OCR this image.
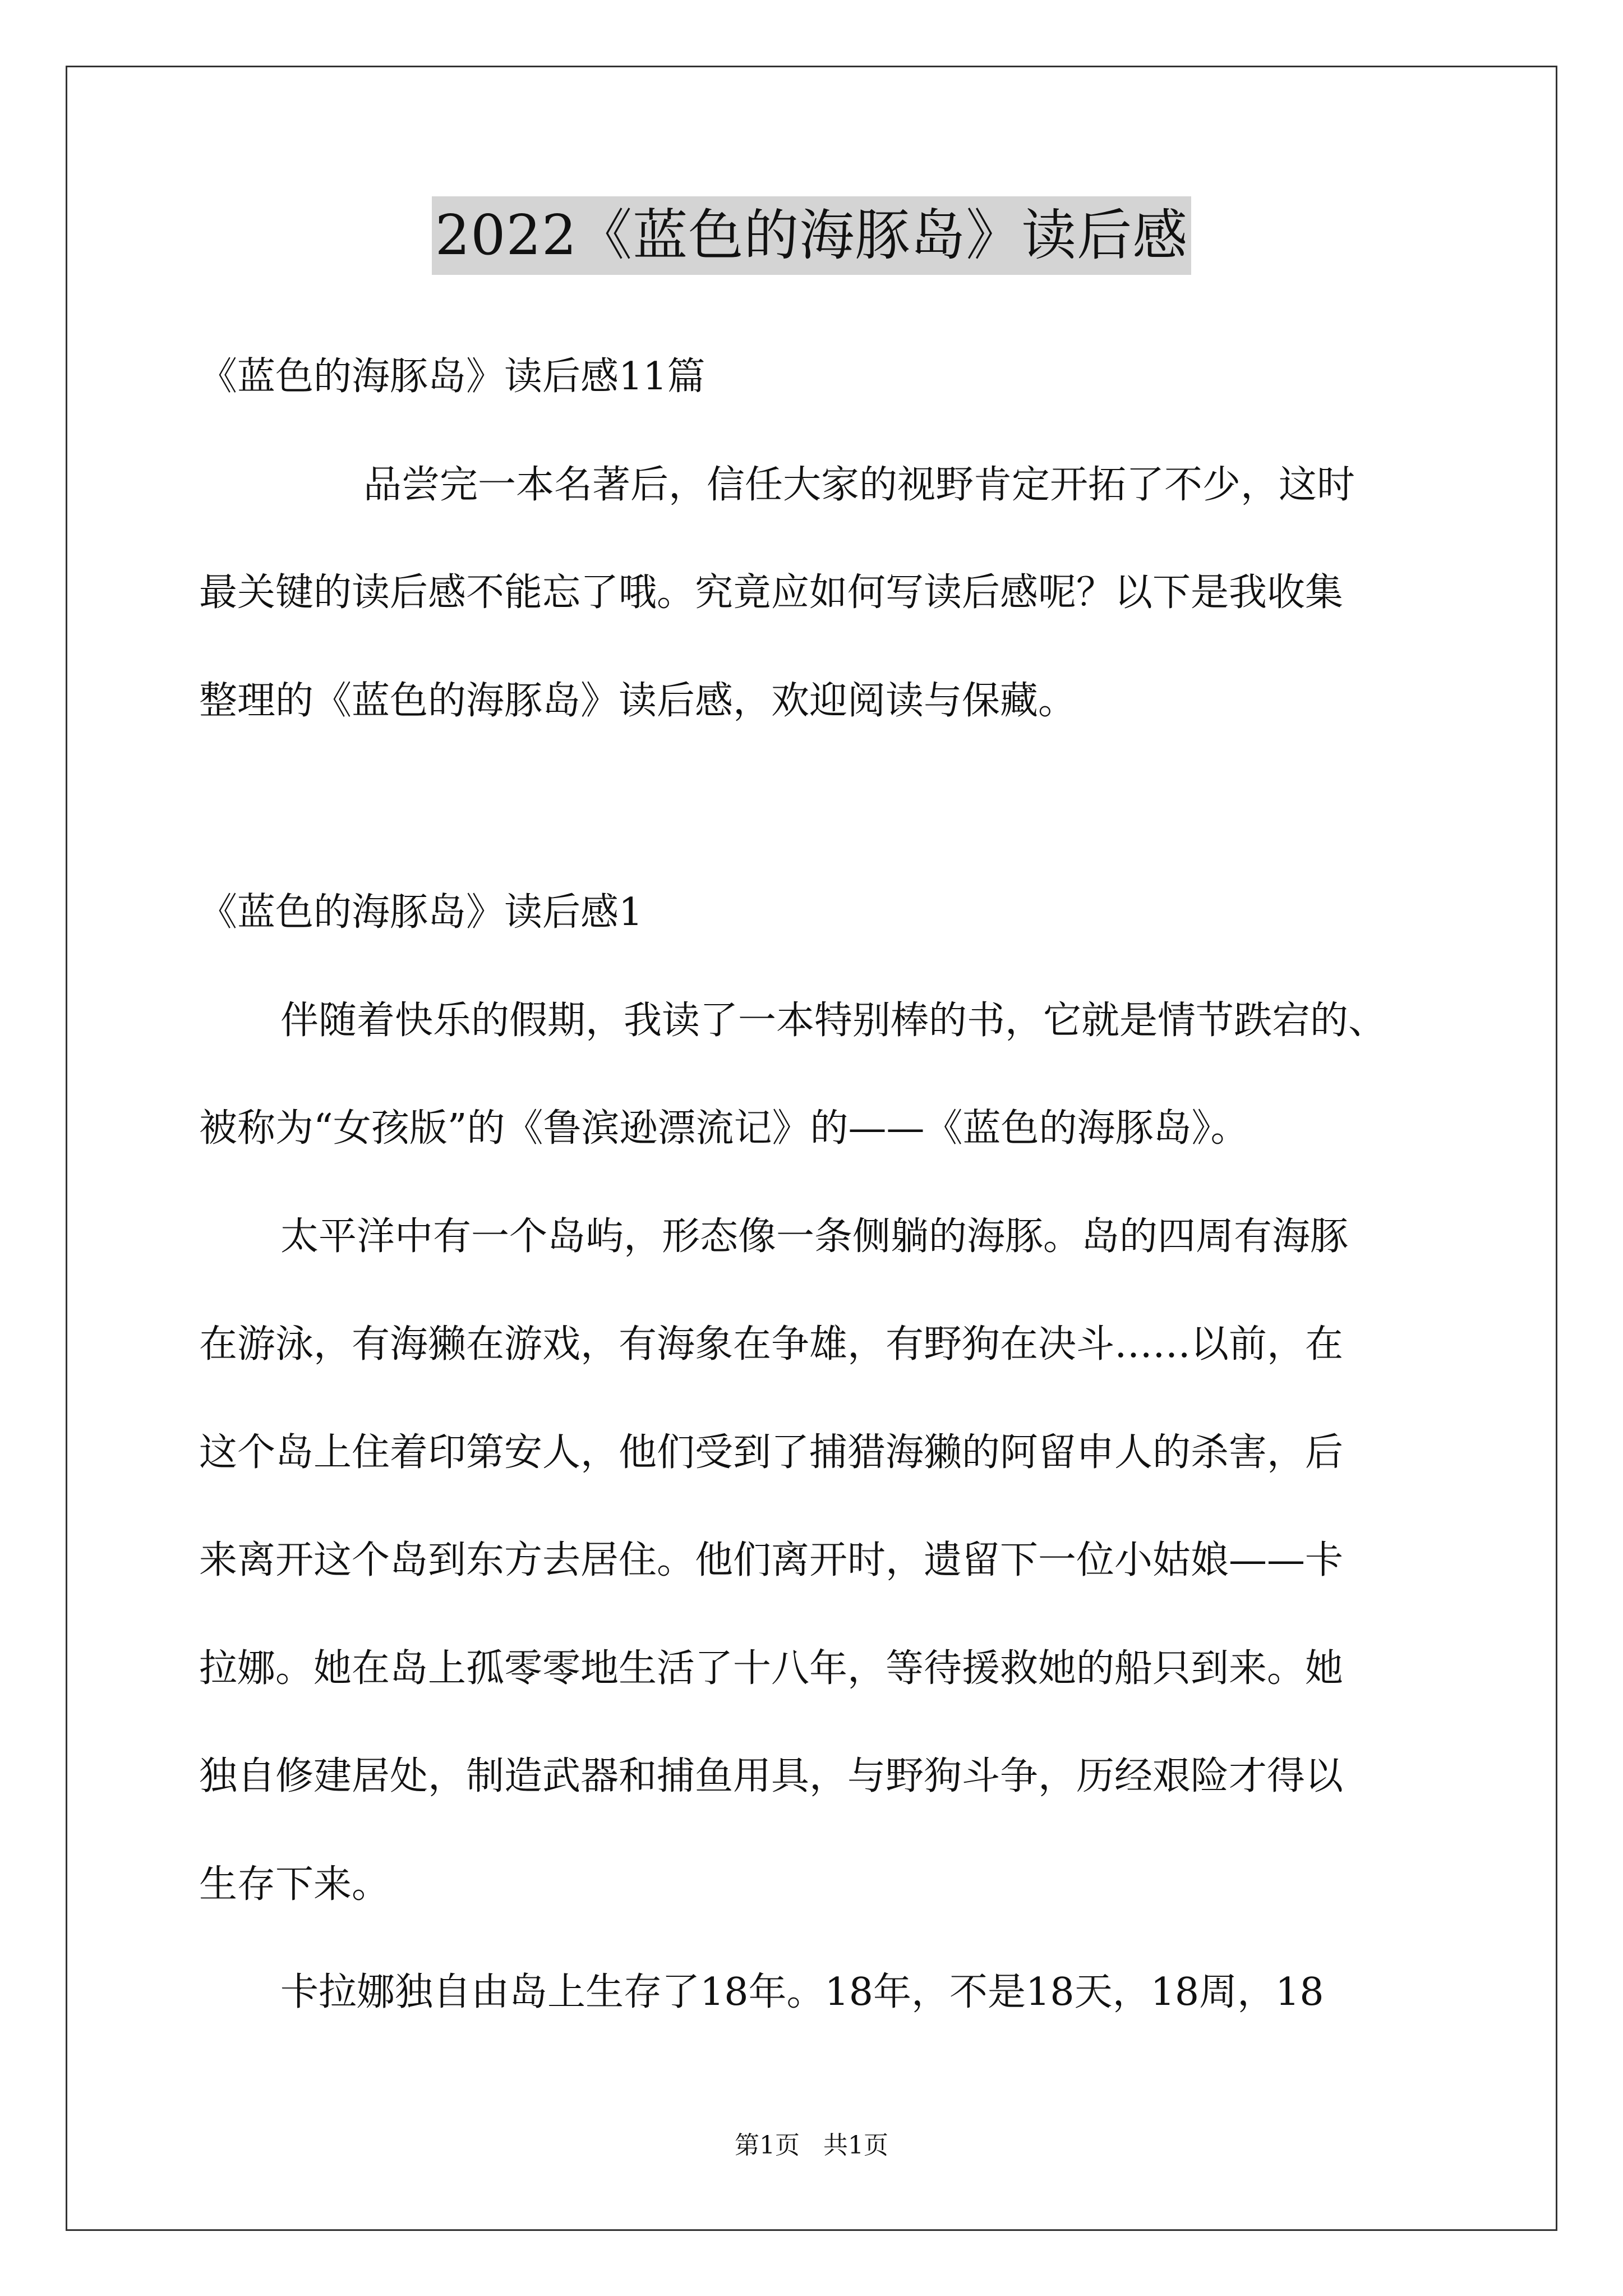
2022《蓝色的海豚岛》读后感
《蓝色的海豚岛》读后感11篇
品尝完一本名著后，信任大家的视野肯定开拓了不少，这时
最关键的读后感不能忘了哦。究竟应如何写读后感呢？以下是我收集
整理的《蓝色的海豚岛》读后感，欢迎阅读与保藏。
《蓝色的海豚岛》读后感1
伴随着快乐的假期，我读了一本特别棒的书，它就是情节跌宕的、
被称为“女孩版”的《鲁滨逊漂流记》的——《蓝色的海豚岛》。
太平洋中有一个岛屿，形态像一条侧躺的海豚。岛的四周有海豚
在游泳，有海獭在游戏，有海象在争雄，有野狗在决斗……以前，在
这个岛上住着印第安人，他们受到了捕猎海獭的阿留申人的杀害，后
来离开这个岛到东方去居住。他们离开时，遗留下一位小姑娘——卡
拉娜。她在岛上孤零零地生活了十八年，等待援救她的船只到来。她
独自修建居处，制造武器和捕鱼用具，与野狗斗争，历经艰险才得以
生存下来。
卡拉娜独自由岛上生存了18年。18年，不是18天，18周，18
第1页 共1页
